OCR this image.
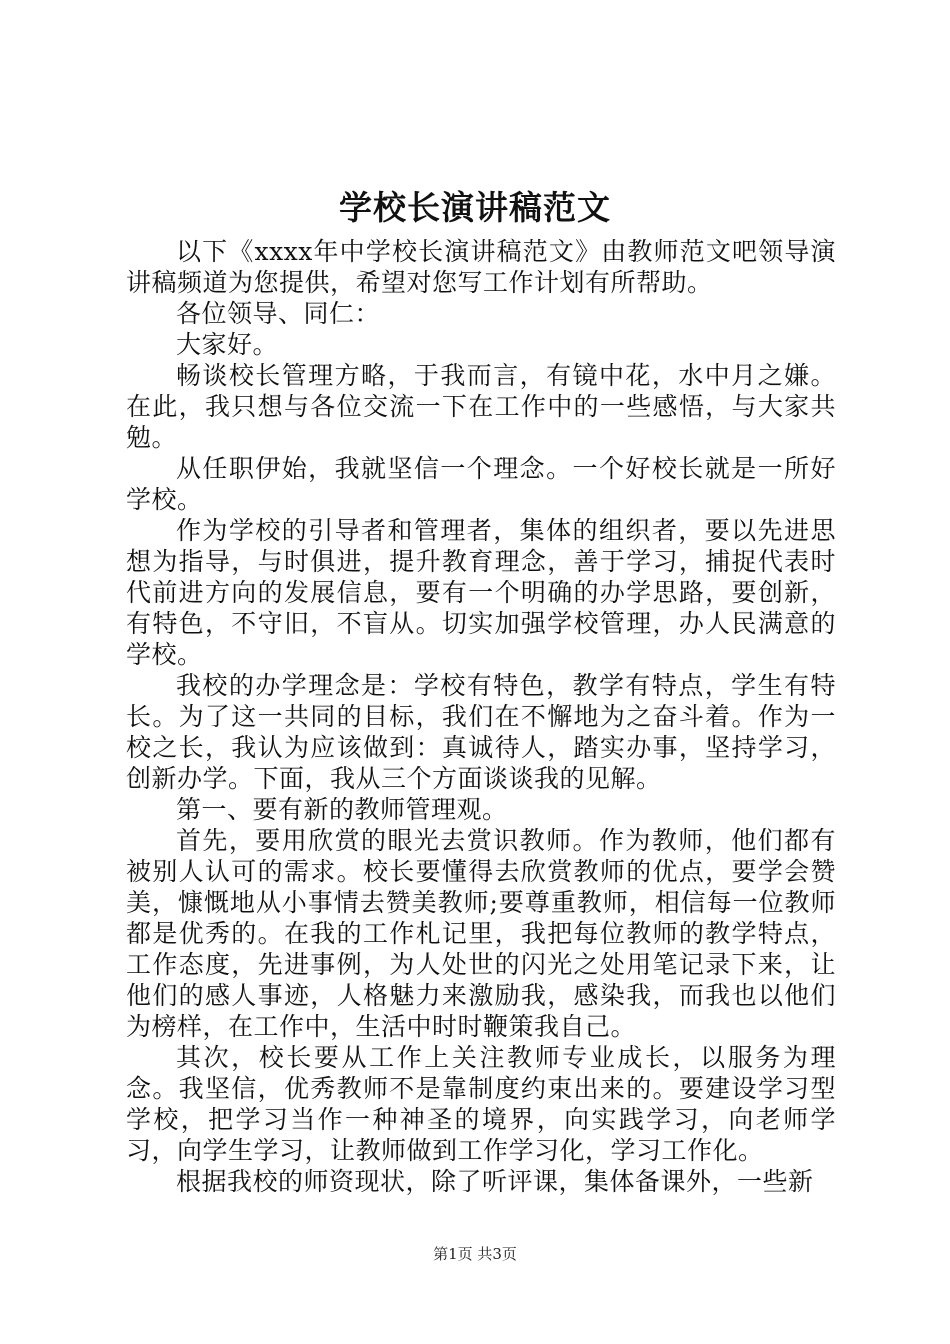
学校长演讲稿范文

以下《xxxx年中学校长演讲稿范文》由教师范文吧领导演讲稿频道为您提供，希望对您写工作计划有所帮助。

各位领导、同仁：

大家好。

畅谈校长管理方略，于我而言，有镜中花，水中月之嫌。在此，我只想与各位交流一下在工作中的一些感悟，与大家共勉。

从任职伊始，我就坚信一个理念。一个好校长就是一所好学校。

作为学校的引导者和管理者，集体的组织者，要以先进思想为指导，与时俱进，提升教育理念，善于学习，捕捉代表时代前进方向的发展信息，要有一个明确的办学思路，要创新，有特色，不守旧，不盲从。切实加强学校管理，办人民满意的学校。

我校的办学理念是：学校有特色，教学有特点，学生有特长。为了这一共同的目标，我们在不懈地为之奋斗着。作为一校之长，我认为应该做到：真诚待人，踏实办事，坚持学习，创新办学。下面，我从三个方面谈谈我的见解。

第一、要有新的教师管理观。

首先，要用欣赏的眼光去赏识教师。作为教师，他们都有被别人认可的需求。校长要懂得去欣赏教师的优点，要学会赞美，慷慨地从小事情去赞美教师;要尊重教师，相信每一位教师都是优秀的。在我的工作札记里，我把每位教师的教学特点，工作态度，先进事例，为人处世的闪光之处用笔记录下来，让他们的感人事迹，人格魅力来激励我，感染我，而我也以他们为榜样，在工作中，生活中时时鞭策我自己。

其次，校长要从工作上关注教师专业成长，以服务为理念。我坚信，优秀教师不是靠制度约束出来的。要建设学习型学校，把学习当作一种神圣的境界，向实践学习，向老师学习，向学生学习，让教师做到工作学习化，学习工作化。

根据我校的师资现状，除了听评课，集体备课外，一些新

第1页 共3页
